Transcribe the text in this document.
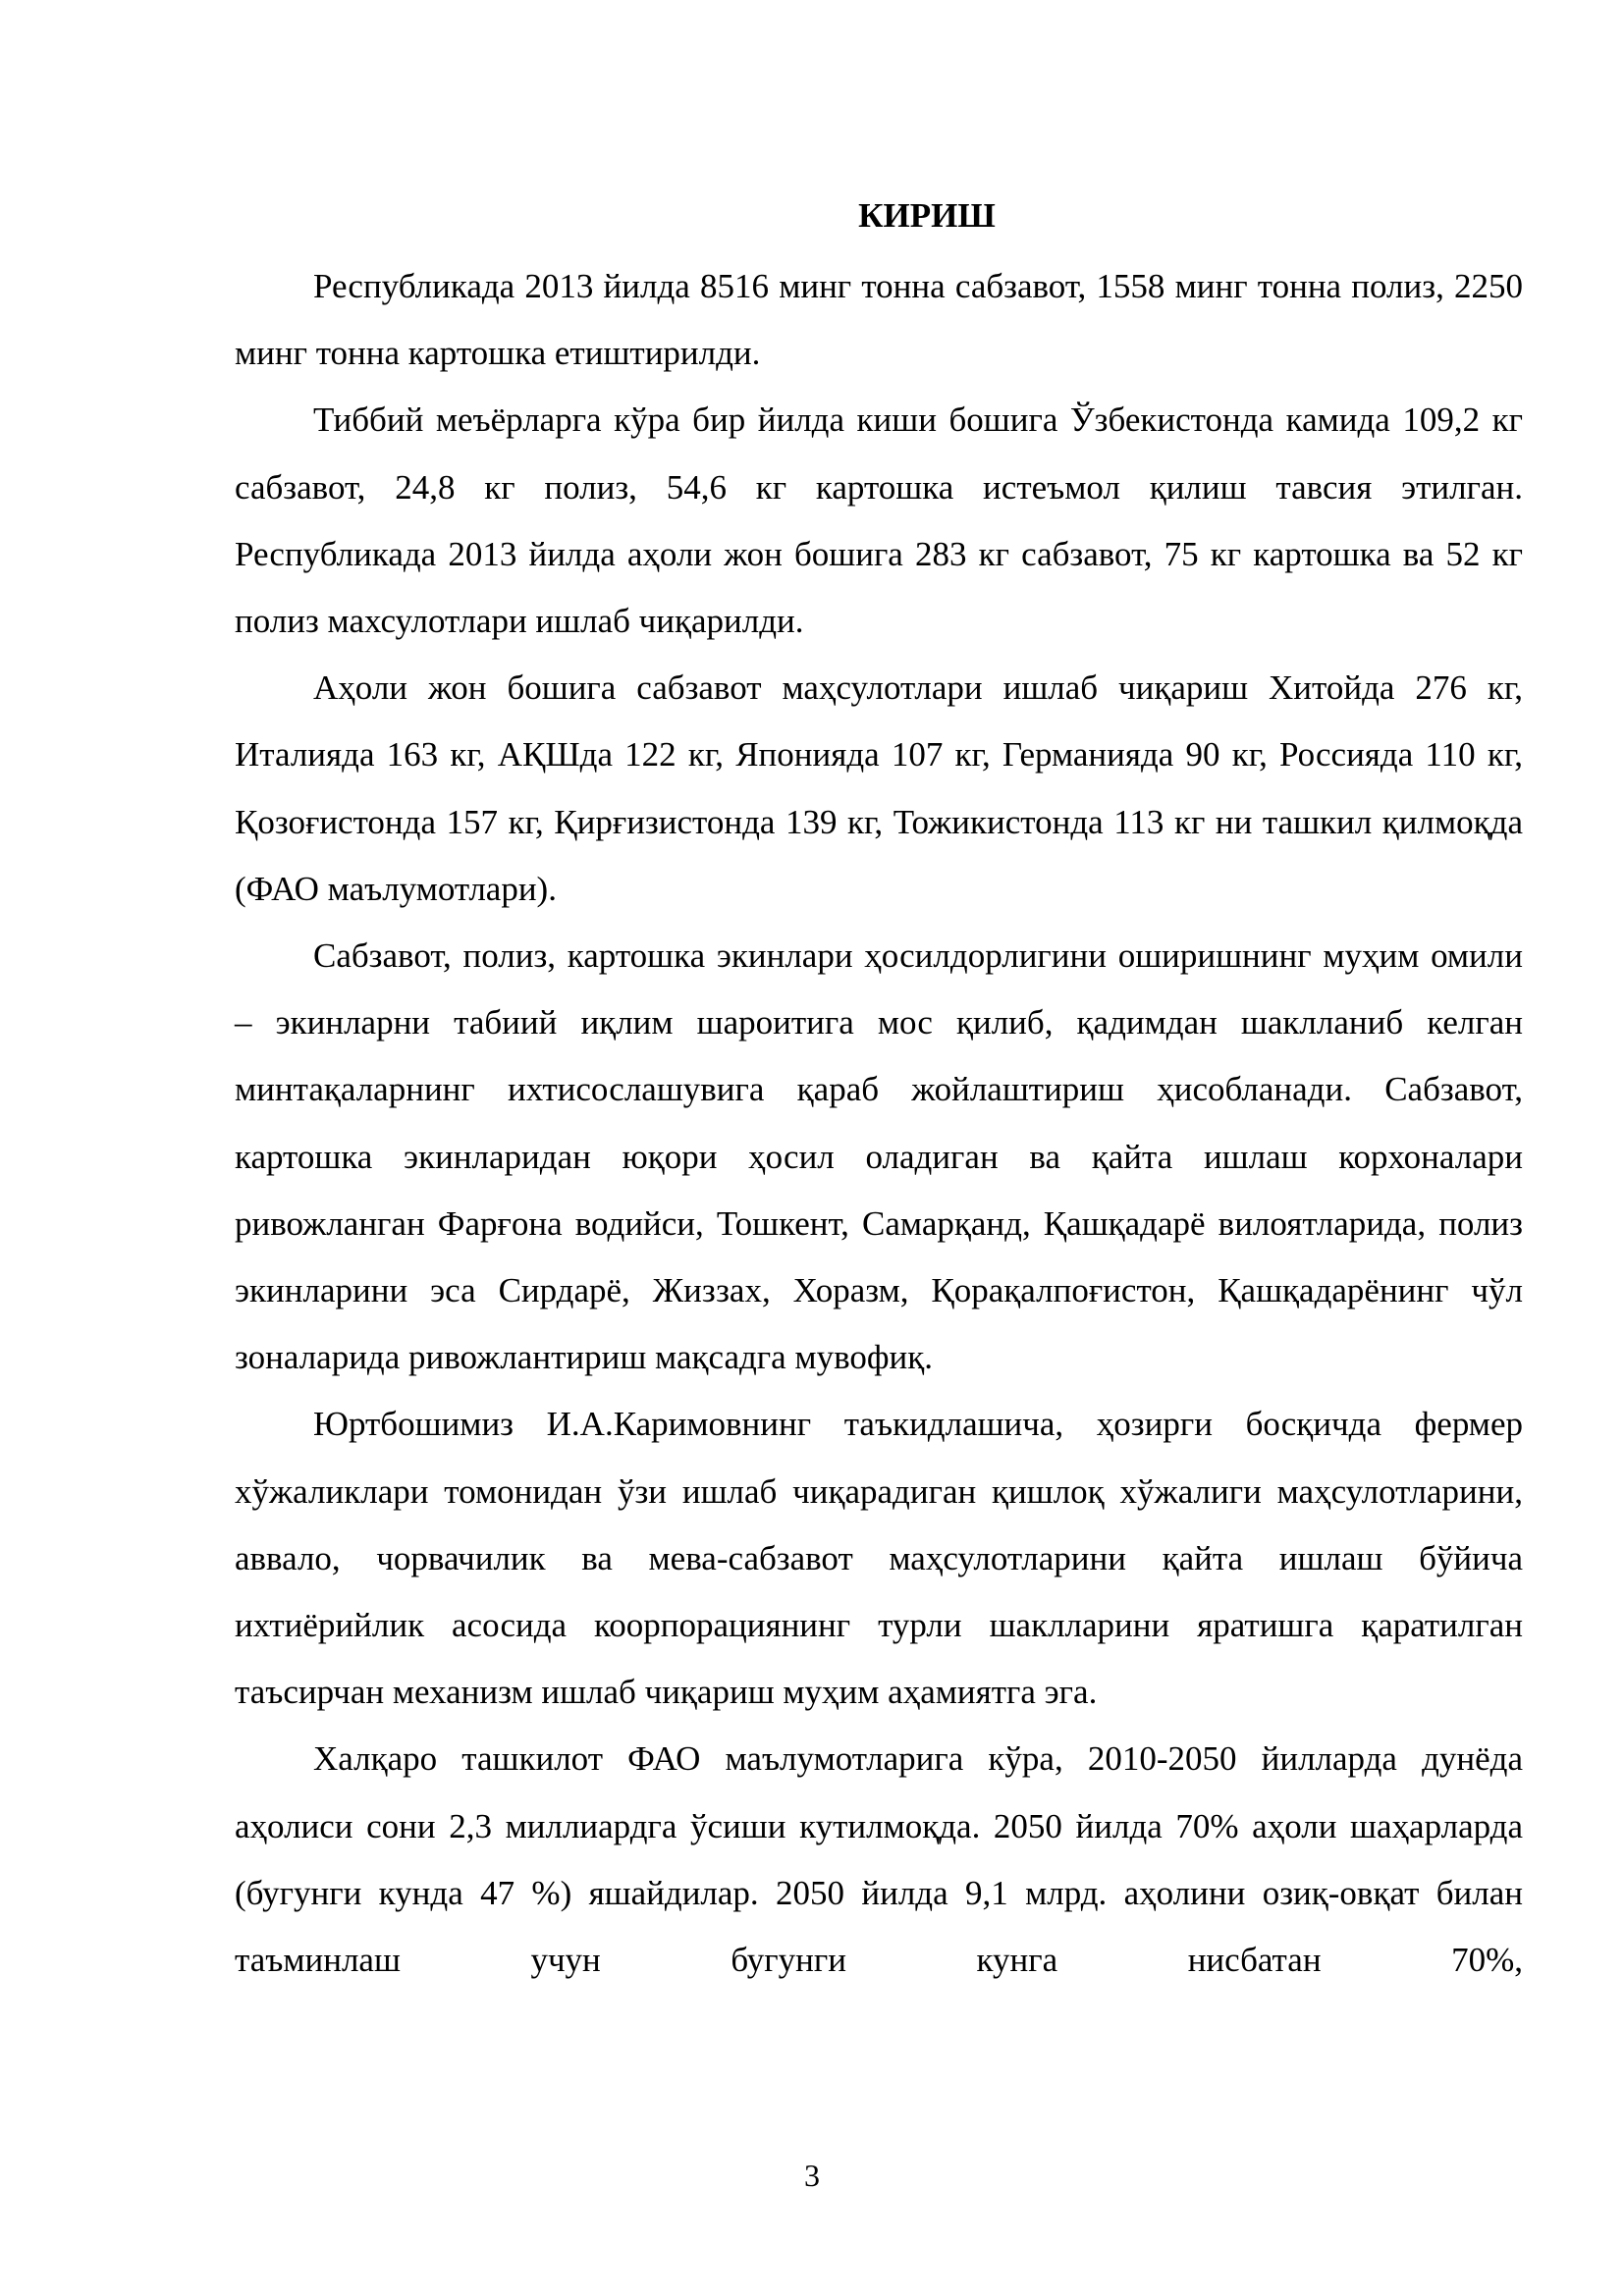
КИРИШ

Республикада 2013 йилда 8516 минг тонна сабзавот, 1558 минг тонна полиз, 2250 минг тонна картошка етиштирилди.

Тиббий меъёрларга кўра бир йилда киши бошига Ўзбекистонда камида 109,2 кг сабзавот, 24,8 кг полиз, 54,6 кг картошка истеъмол қилиш тавсия этилган. Республикада 2013 йилда аҳоли жон бошига 283 кг сабзавот, 75 кг картошка ва 52 кг полиз махсулотлари ишлаб чиқарилди.

Аҳоли жон бошига сабзавот маҳсулотлари ишлаб чиқариш Хитойда 276 кг, Италияда 163 кг, АҚШда 122 кг, Японияда 107 кг, Германияда 90 кг, Россияда 110 кг, Қозоғистонда 157 кг, Қирғизистонда 139 кг, Тожикистонда 113 кг ни ташкил қилмоқда (ФАО маълумотлари).

Сабзавот, полиз, картошка экинлари ҳосилдорлигини оширишнинг муҳим омили – экинларни табиий иқлим шароитига мос қилиб, қадимдан шаклланиб келган минтақаларнинг ихтисослашувига қараб жойлаштириш ҳисобланади. Сабзавот, картошка экинларидан юқори ҳосил оладиган ва қайта ишлаш корхоналари ривожланган Фарғона водийси, Тошкент, Самарқанд, Қашқадарё вилоятларида, полиз экинларини эса Сирдарё, Жиззах, Хоразм, Қорақалпоғистон, Қашқадарёнинг чўл зоналарида ривожлантириш мақсадга мувофиқ.

Юртбошимиз И.А.Каримовнинг таъкидлашича, ҳозирги босқичда фермер хўжаликлари томонидан ўзи ишлаб чиқарадиган қишлоқ хўжалиги маҳсулотларини, аввало, чорвачилик ва мева-сабзавот маҳсулотларини қайта ишлаш бўйича ихтиёрийлик асосида коорпорациянинг турли шаклларини яратишга қаратилган таъсирчан механизм ишлаб чиқариш муҳим аҳамиятга эга.

Халқаро ташкилот ФАО маълумотларига кўра, 2010-2050 йилларда дунёда аҳолиси сони 2,3 миллиардга ўсиши кутилмоқда. 2050 йилда 70% аҳоли шаҳарларда (бугунги кунда 47 %) яшайдилар. 2050 йилда 9,1 млрд. аҳолини озиқ-овқат билан таъминлаш учун бугунги кунга нисбатан 70%,

3
